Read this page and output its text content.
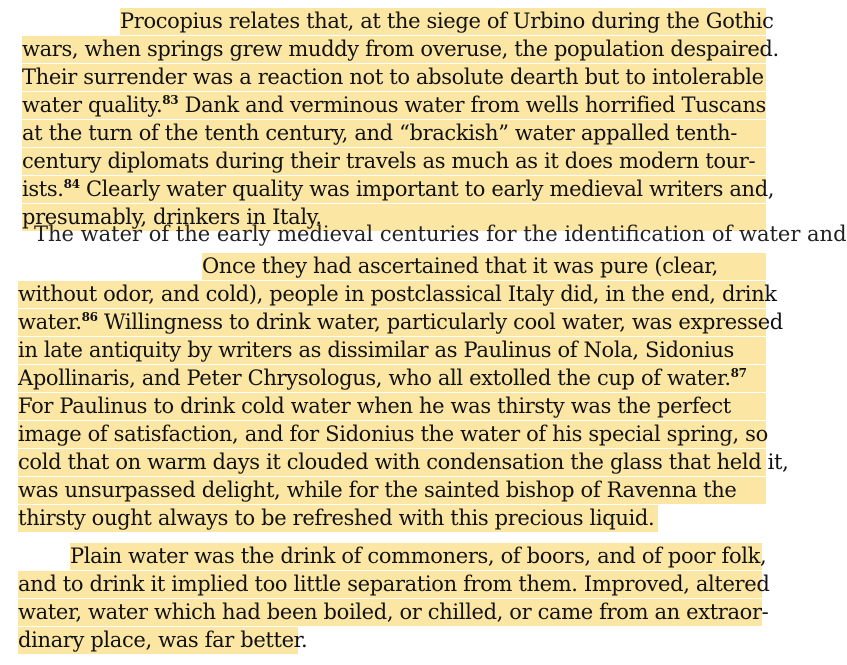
Procopius relates that, at the siege of Urbino during the Gothic
wars, when springs grew muddy from overuse, the population despaired.
Their surrender was a reaction not to absolute dearth but to intolerable
water quality.$^{83}$ Dank and verminous water from wells horrified Tuscans
at the turn of the tenth century, and “brackish” water appalled tenth-
century diplomats during their travels as much as it does modern tour-
ists.$^{84}$ Clearly water quality was important to early medieval writers and,
presumably, drinkers in Italy.
The water of the early medieval centuries for the identification of water and
Once they had ascertained that it was pure (clear,
without odor, and cold), people in postclassical Italy did, in the end, drink
water.$^{86}$ Willingness to drink water, particularly cool water, was expressed
in late antiquity by writers as dissimilar as Paulinus of Nola, Sidonius
Apollinaris, and Peter Chrysologus, who all extolled the cup of water.$^{87}$
For Paulinus to drink cold water when he was thirsty was the perfect
image of satisfaction, and for Sidonius the water of his special spring, so
cold that on warm days it clouded with condensation the glass that held it,
was unsurpassed delight, while for the sainted bishop of Ravenna the
thirsty ought always to be refreshed with this precious liquid.
Plain water was the drink of commoners, of boors, and of poor folk,
and to drink it implied too little separation from them. Improved, altered
water, water which had been boiled, or chilled, or came from an extraor-
dinary place, was far better.
